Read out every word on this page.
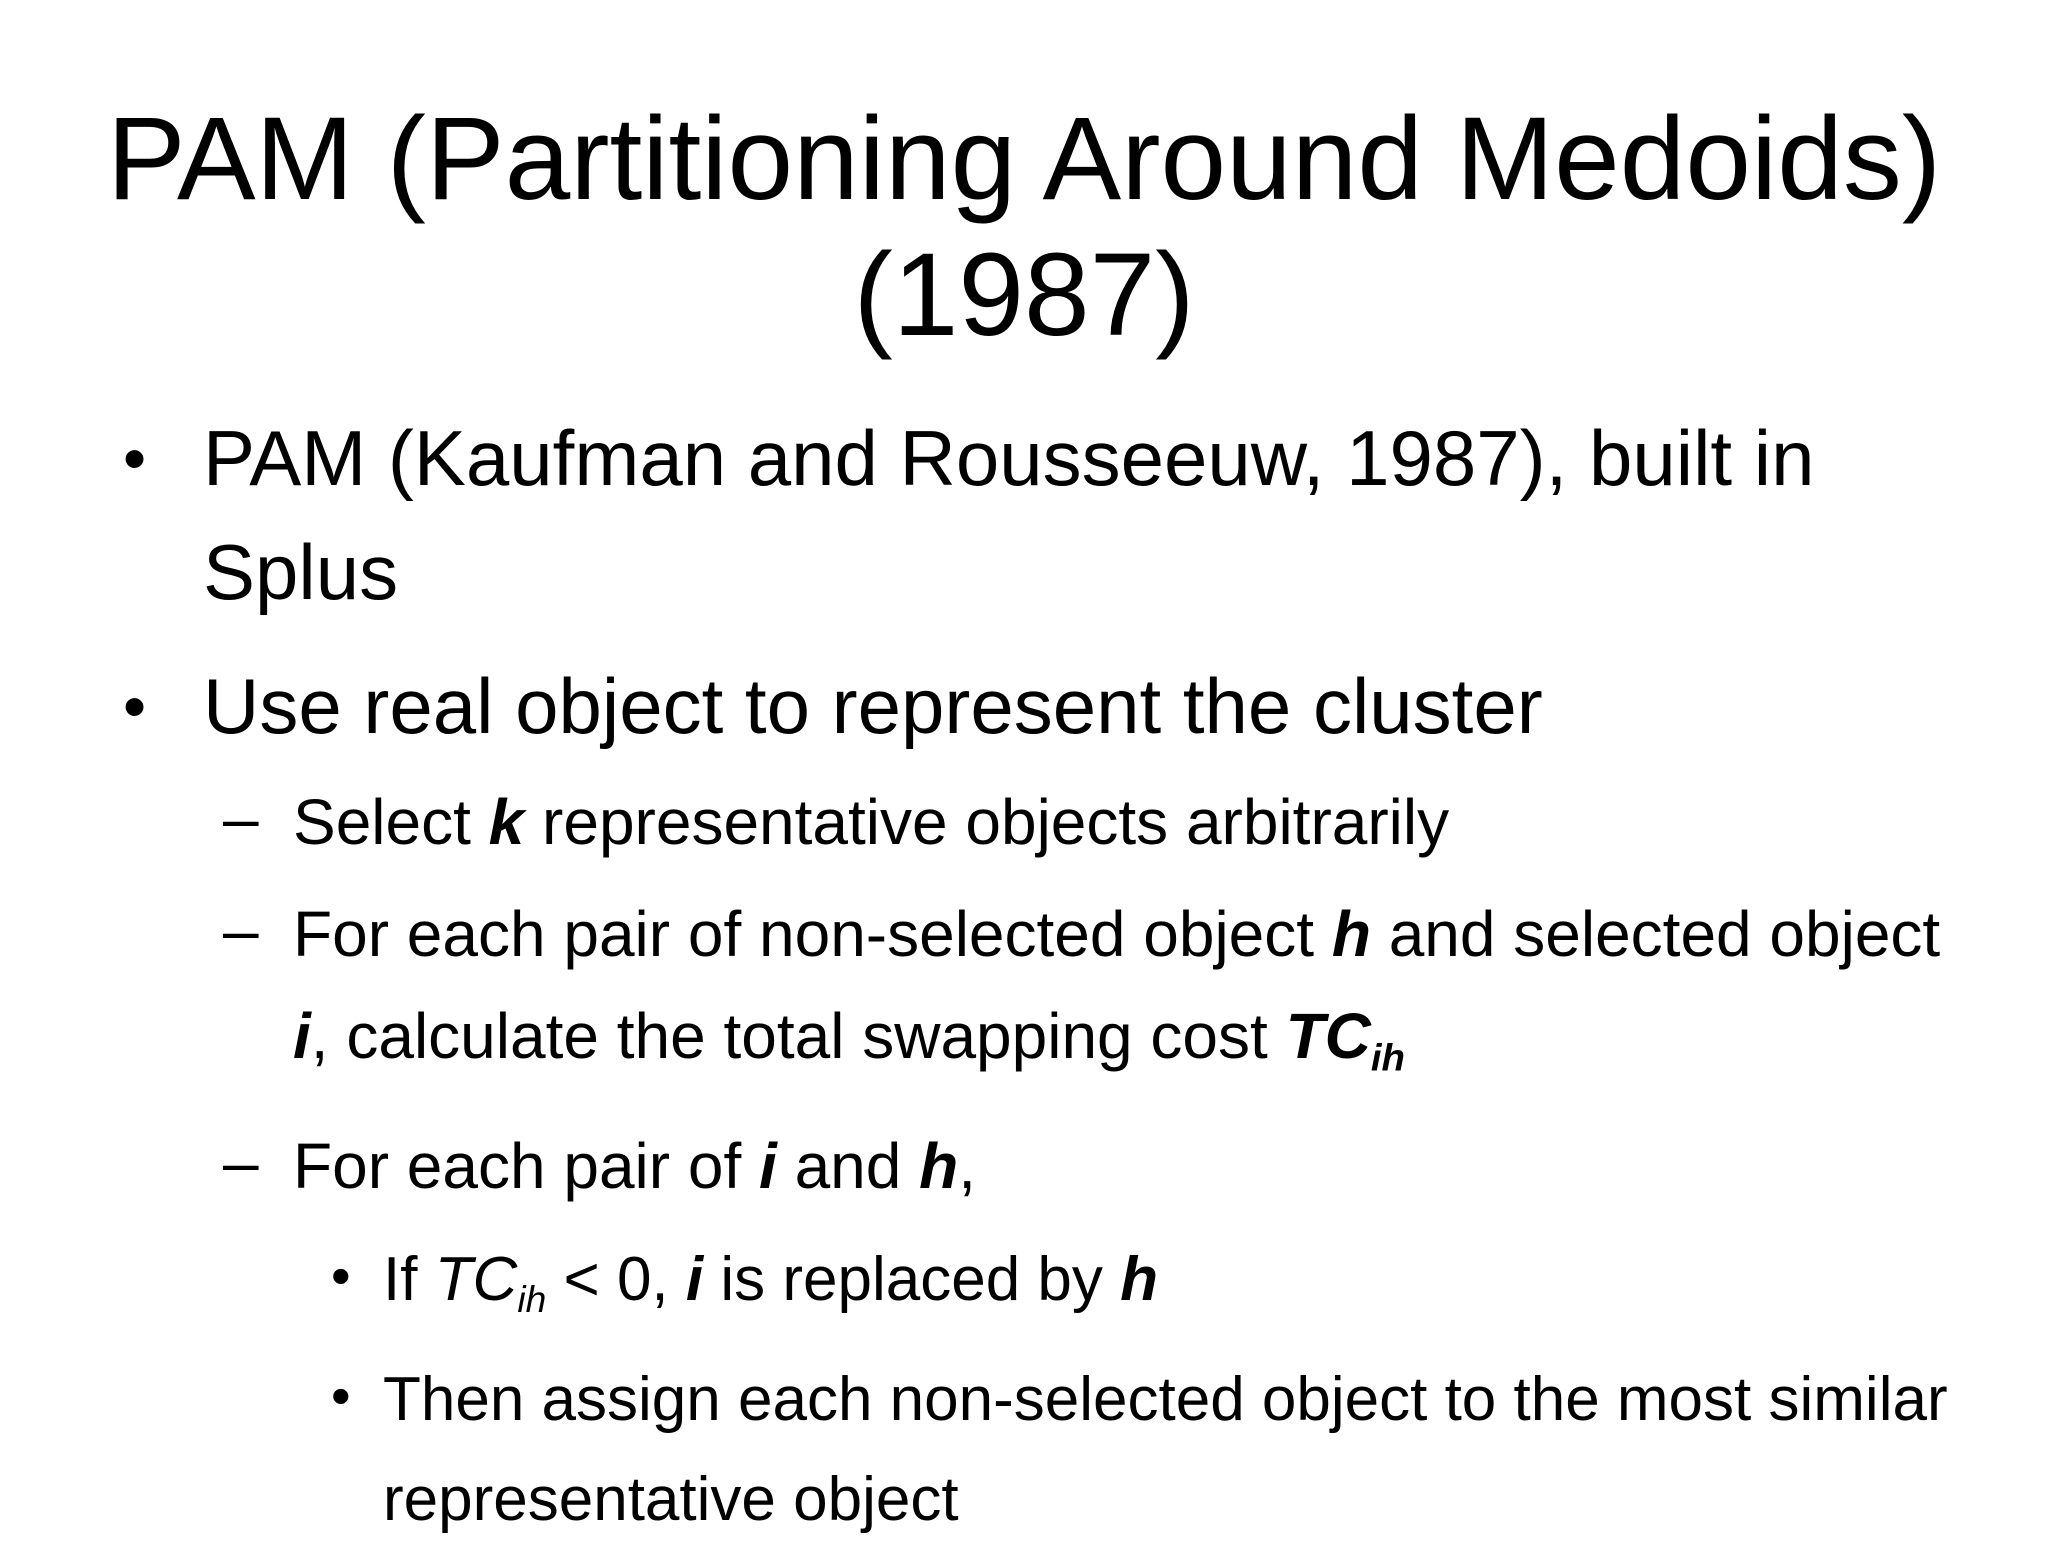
PAM (Partitioning Around Medoids)
(1987)

• PAM (Kaufman and Rousseeuw, 1987), built in Splus

• Use real object to represent the cluster

– Select k representative objects arbitrarily

– For each pair of non-selected object h and selected object i, calculate the total swapping cost $TC_{ih}$

– For each pair of i and h,

• If $TC_{ih} < 0$, i is replaced by h

• Then assign each non-selected object to the most similar representative object
